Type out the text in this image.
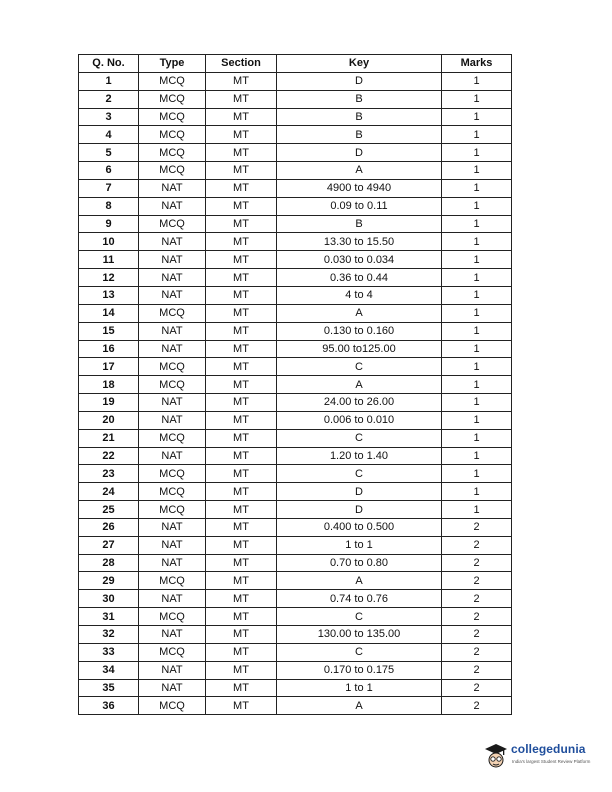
Q. No.	Type	Section	Key	Marks
1	MCQ	MT	D	1
2	MCQ	MT	B	1
3	MCQ	MT	B	1
4	MCQ	MT	B	1
5	MCQ	MT	D	1
6	MCQ	MT	A	1
7	NAT	MT	4900 to 4940	1
8	NAT	MT	0.09 to 0.11	1
9	MCQ	MT	B	1
10	NAT	MT	13.30 to 15.50	1
11	NAT	MT	0.030 to 0.034	1
12	NAT	MT	0.36 to 0.44	1
13	NAT	MT	4 to 4	1
14	MCQ	MT	A	1
15	NAT	MT	0.130 to 0.160	1
16	NAT	MT	95.00 to125.00	1
17	MCQ	MT	C	1
18	MCQ	MT	A	1
19	NAT	MT	24.00 to 26.00	1
20	NAT	MT	0.006 to 0.010	1
21	MCQ	MT	C	1
22	NAT	MT	1.20 to 1.40	1
23	MCQ	MT	C	1
24	MCQ	MT	D	1
25	MCQ	MT	D	1
26	NAT	MT	0.400 to 0.500	2
27	NAT	MT	1 to 1	2
28	NAT	MT	0.70 to 0.80	2
29	MCQ	MT	A	2
30	NAT	MT	0.74 to 0.76	2
31	MCQ	MT	C	2
32	NAT	MT	130.00 to 135.00	2
33	MCQ	MT	C	2
34	NAT	MT	0.170 to 0.175	2
35	NAT	MT	1 to 1	2
36	MCQ	MT	A	2
collegedunia
India's largest Student Review Platform
